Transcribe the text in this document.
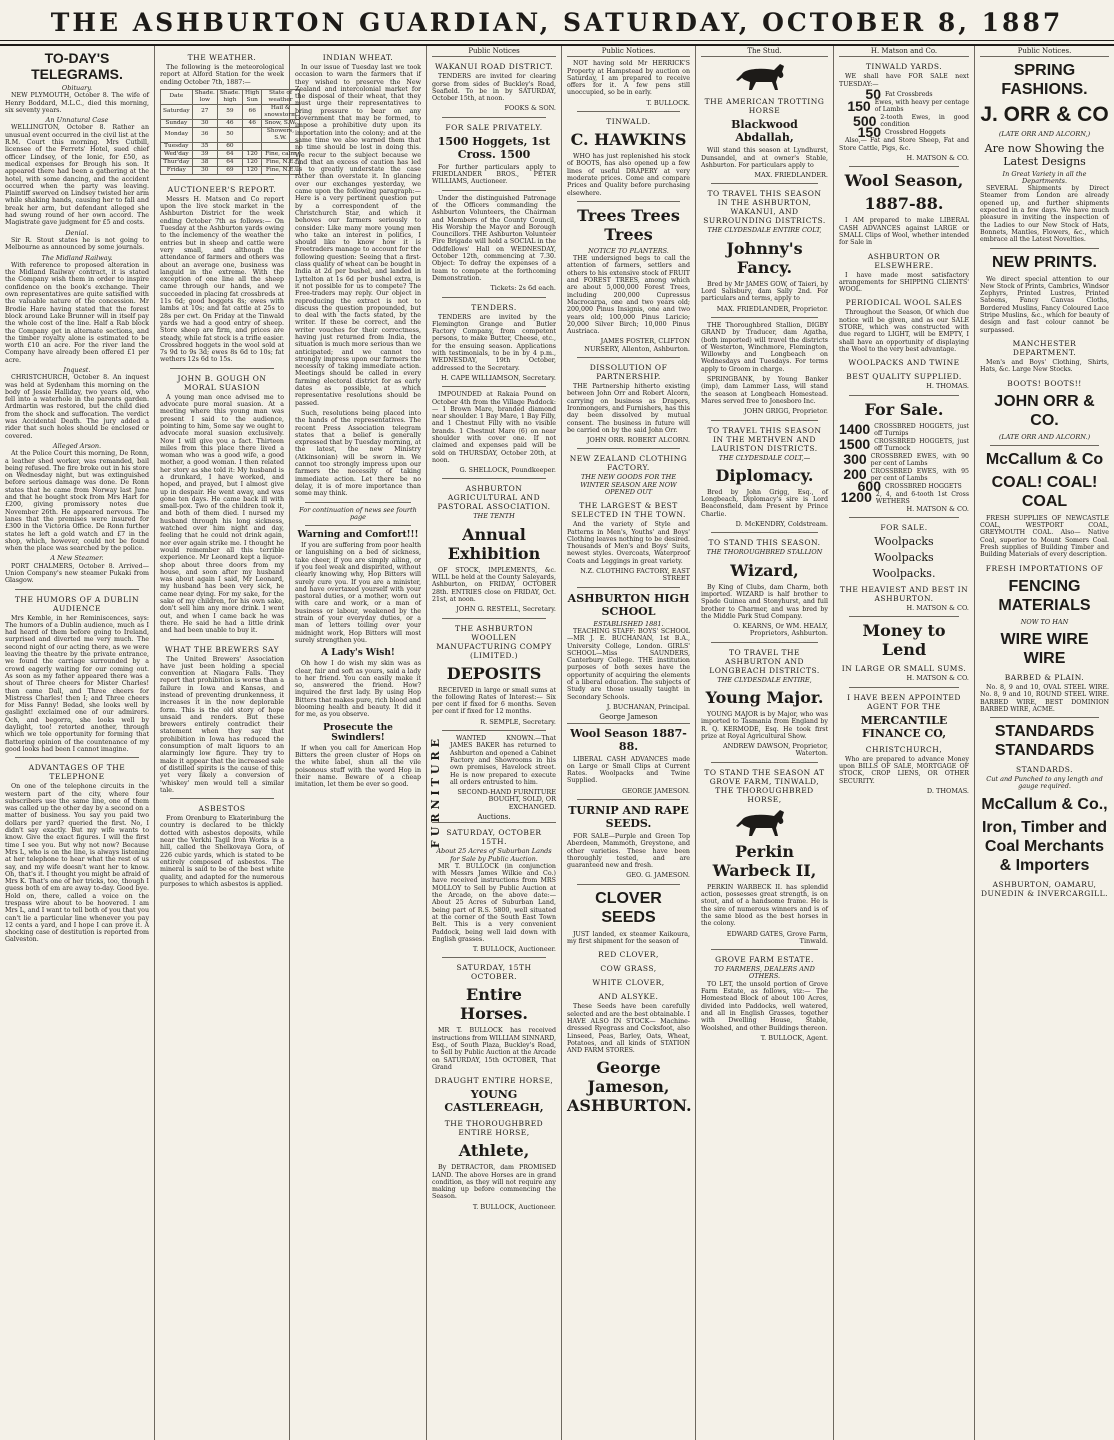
THE ASHBURTON GUARDIAN, SATURDAY, OCTOBER 8, 1887
TO-DAY'S TELEGRAMS.
Obituary.

NEW PLYMOUTH, October 8. The wife of Henry Boddard, M.L.C., died this morning, six seventy years.

An Unnatural Case

WELLINGTON, October 8. Rather an unusual event occurred in the civil list at the R.M. Court this morning. Mrs Cutbill, licensee of the Ferrets' Hotel, sued chief officer Lindsey, of the Ionic, for £50, as medical expenses for Brough his son. It appeared there had been a gathering at the hotel, with some dancing, and the accident occurred when the party was leaving. Plaintiff swerved on Lindsey twisted her arm while shaking hands, causing her to fall and break her arm, but defendant alleged she had swung round of her own accord. The Magistrate gave judgment for £5 and costs.

Denial.

Sir R. Stout states he is not going to Melbourne as announced by some journals.

The Midland Railway.

With reference to proposed alteration in the Midland Railway contract, it is stated the Company wish them in order to inspire confidence on the book's exchange. Their own representatives are quite satisfied with the valuable nature of the concession. Mr Brodie Hare having stated that the forest block around Lake Brunner will in itself pay the whole cost of the line. Half a Rab block the Company get in alternate sections, and the timber royalty alone is estimated to be worth £10 an acre. For the river land the Company have already been offered £1 per acre.

Inquest.

CHRISTCHURCH, October 8. An inquest was held at Sydenham this morning on the body of Jessie Halliday, two years old, who fell into a waterhole in the parents garden. Ardmartin was restored, but the child died from the shock and suffocation. The verdict was Accidental Death. The jury added a rider that such holes should be enclosed or covered.

Alleged Arson.

At the Police Court this morning, De Ronn, a leather shed worker, was remanded, bail being refused. The fire broke out in his store on Wednesday night, but was extinguished before serious damage was done. De Ronn states that he came from Norway last June and that he bought stock from Mrs Hart for £200, giving promissory notes due November 26th. He appeared nervous. The lanes that the premises were insured for £300 in the Victoria Office. De Ronn further states he left a gold watch and £7 in the shop, which, however, could not be found when the place was searched by the police.

A New Steamer.

PORT CHALMERS, October 8. Arrived—Union Company's new steamer Pukaki from Glasgow.

THE HUMORS OF A DUBLIN AUDIENCE

Mrs Kemble, in her Reminiscences, says: The humors of a Dublin audience, much as I had heard of them before going to Ireland, surprised and diverted me very much. The second night of our acting there, as we were leaving the theatre by the private entrance, we found the carriage surrounded by a crowd eagerly waiting for our coming out. As soon as my father appeared there was a shout of Three cheers for Mister Charles! then came Dall, and Three cheers for Mistress Charles! then I; and Three cheers for Miss Fanny! Bedad, she looks well by gaslight! exclaimed one of our admirers. Och, and begorra, she looks well by daylight, too! retorted another, through which we tole opportunity for forming that flattering opinion of the countenance of my good looks had been I cannot imagine.

ADVANTAGES OF THE TELEPHONE

On one of the telephone circuits in the western part of the city, where four subscribers use the same line, one of them was called up the other day by a second on a matter of business. You say you paid two dollars per yard? queried the first. No, I didn't say exactly. But my wife wants to know. Give the exact figures. I will the first time I see you. But why not now? Because Mrs L, who is on the line, is always listening at her telephone to hear what the rest of us say, and my wife doesn't want her to know. Oh, that's it. I thought you might be afraid of Mrs K. That's one of her tricks, too, though I guess both of em are away to-day. Good bye. Hold on, there, called a voice on the trespass wire about to be hoovered. I am Mrs L, and I want to tell both of you that you can't lie a particular line whenever you pay 12 cents a yard, and I hope I can prove it. A shocking case of destitution is reported from Galveston.

THE WEATHER.

The following is the meteorological report at Alford Station for the week ending October 7th, 1887:—

Date	Shade. low	Shade. high	High Sun	State of weather
Saturday	27	59	66	Hail & snowstorm
Sunday	30	46	46	Snow, S.W.
Monday	36	50		Showers, S.W.
Tuesday	35	60		
Wed'day	39	64	120	Fine, calm
Thur'day	38	64	120	Fine, N.E.
Friday	30	69	120	Fine, N.E.
AUCTIONEER'S REPORT.

Messrs H. Matson and Co report upon the live stock market in the Ashburton District for the week ending October 7th as follows:— On Tuesday at the Ashburton yards owing to the inclemency of the weather the entries but in sheep and cattle were very small, and although the attendance of farmers and others was about an average one, business was languid in the extreme. With the exception of one line all the sheep came through our hands, and we succeeded in placing fat crossbreds at 11s 6d; good hoggets 8s; ewes with lambs at 10s; and fat cattle at 25s to 28s per cwt. On Friday at the Tinwald yards we had a good entry of sheep. Store sheep are firm, and prices are steady, while fat stock is a trifle easier. Crossbred hoggets in the wool sold at 7s 9d to 9s 3d; ewes 8s 6d to 10s; fat wethers 12s 6d to 15s.

JOHN B. GOUGH ON MORAL SUASION

A young man once advised me to advocate pure moral suasion. At a meeting where this young man was present I said to the audience, pointing to him, Some say we ought to advocate moral suasion exclusively. Now I will give you a fact. Thirteen miles from this place there lived a woman who was a good wife, a good mother, a good woman. I then related her story as she told it: My husband is a drunkard, I have worked, and hoped, and prayed, but I almost give up in despair. He went away, and was gone ten days. He came back ill with small-pox. Two of the children took it, and both of them died. I nursed my husband through his long sickness, watched over him night and day, feeling that he could not drink again, nor ever again strike me. I thought he would remember all this terrible experience. Mr Leonard kept a liquor-shop about three doors from my house, and soon after my husband was about again I said, Mr Leonard, my husband has been very sick, he came near dying. For my sake, for the sake of my children, for his own sake, don't sell him any more drink. I went out, and when I came back he was there. He said he had a little drink and had been unable to buy it.

WHAT THE BREWERS SAY

The United Brewers' Association have just been holding a special convention at Niagara Falls. They report that prohibition is worse than a failure in Iowa and Kansas, and instead of preventing drunkenness, it increases it in the now deplorable form. This is the old story of hope unsaid and renders. But these brewers entirely contradict their statement when they say that prohibition in Iowa has reduced the consumption of malt liquors to an alarmingly low figure. They try to make it appear that the increased sale of distilled spirits is the cause of this; yet very likely a conversion of 'whiskey' men would tell a similar tale.

ASBESTOS

From Orenburg to Ekaterinburg the country is declared to be thickly dotted with asbestos deposits, while near the Verkhi Tagil Iron Works is a hill, called the Shelkovaya Gora, of 226 cubic yards, which is stated to be entirely composed of asbestos. The mineral is said to be of the best white quality, and adapted for the numerous purposes to which asbestos is applied.

INDIAN WHEAT.

In our issue of Tuesday last we took occasion to warn the farmers that if they wished to preserve the New Zealand and intercolonial market for the disposal of their wheat, that they must urge their representatives to bring pressure to bear on any Government that may be formed, to impose a prohibitive duty upon its importation into the colony; and at the same time we also warned them that no time should be lost in doing this. We recur to the subject because we find that an excess of caution has led us to greatly understate the case rather than overstate it. In glancing over our exchanges yesterday, we came upon the following paragraph:— Here is a very pertinent question put by a correspondent of the Christchurch Star, and which it behoves our farmers seriously to consider: Like many more young men who take an interest in politics, I should like to know how it is Freetraders manage to account for the following question: Seeing that a first-class quality of wheat can be bought in India at 2d per bushel, and landed in Lyttelton at 1s 6d per bushel extra, is it not possible for us to compete? The Free-traders may reply. Our object in reproducing the extract is not to discuss the question propounded, but to deal with the facts stated, by the writer. If these be correct, and the writer vouches for their correctness, having just returned from India, the situation is much more serious than we anticipated; and we cannot too strongly impress upon our farmers the necessity of taking immediate action. Meetings should be called in every farming electoral district for as early dates as possible, at which representative resolutions should be passed.

Such, resolutions being placed into the hands of the representatives. The recent Press Association telegram states that a belief is generally expressed that by Tuesday morning, at the latest, the new Ministry (Atkinsonian) will be sworn in. We cannot too strongly impress upon our farmers the necessity of taking immediate action. Let there be no delay, it is of more importance than some may think.

For continuation of news see fourth page
Warning and Comfort!!!

If you are suffering from poor health or languishing on a bed of sickness, take cheer, if you are simply ailing, or if you feel weak and dispirited, without clearly knowing why, Hop Bitters will surely cure you. If you are a minister, and have overtaxed yourself with your pastoral duties, or a mother, worn out with care and work, or a man of business or labour, weakened by the strain of your everyday duties, or a man of letters toiling over your midnight work, Hop Bitters will most surely strengthen you.

A Lady's Wish!

Oh how I do wish my skin was as clear, fair and soft as yours, said a lady to her friend. You can easily make it so, answered the friend. How? inquired the first lady. By using Hop Bitters that makes pure, rich blood and blooming health and beauty. It did it for me, as you observe.

Prosecute the Swindlers!

If when you call for American Hop Bitters the green cluster of Hops on the white label, shun all the vile poisonous stuff with the word Hop in their name. Beware of a cheap imitation, let them be ever so good.

Public Notices
WAKANUI ROAD DISTRICT.

TENDERS are invited for clearing gorse from sides of Buckley's Road, Seafield. To be in by SATURDAY, October 15th, at noon.

FOOKS & SON.
FOR SALE PRIVATELY.
1500 Hoggets, 1st Cross. 1500

For further particulars apply to FRIEDLANDER BROS., PETER WILLIAMS, Auctioneer.

Under the distinguished Patronage of the Officers commanding the Ashburton Volunteers, the Chairman and Members of the County Council, His Worship the Mayor and Borough Councillors. THE Ashburton Volunteer Fire Brigade will hold a SOCIAL in the Oddfellows' Hall on WEDNESDAY, October 12th, commencing at 7.30. Object: To defray the expenses of a team to compete at the forthcoming Demonstration.

Tickets: 2s 6d each.
TENDERS.

TENDERS are invited by the Flemington Grange and Butler Factory Company, from competent persons, to make Butter, Cheese, etc., for the ensuing season. Applications with testimonials, to be in by 4 p.m., WEDNESDAY, 19th October, addressed to the Secretary.

H. CAPE WILLIAMSON, Secretary.

IMPOUNDED at Rakaia Pound on October 4th from the Village Paddock:— 1 Brown Mare, branded diamond near shoulder. 1 Bay Mare, 1 Bay Filly, and 1 Chestnut Filly with no visible brands. 1 Chestnut Mare (6) on near shoulder with cover one. If not claimed and expenses paid will be sold on THURSDAY, October 20th, at noon.

G. SHELLOCK, Poundkeeper.
ASHBURTON AGRICULTURAL AND PASTORAL ASSOCIATION.
THE TENTH
Annual Exhibition

OF STOCK, IMPLEMENTS, &c. WILL be held at the County Saleyards, Ashburton, on FRIDAY, OCTOBER 28th. ENTRIES close on FRIDAY, Oct. 21st, at noon.

JOHN G. RESTELL, Secretary.
THE ASHBURTON WOOLLEN MANUFACTURING COMPY (LIMITED.)
DEPOSITS

RECEIVED in large or small sums at the following Rates of Interest:— Six per cent if fixed for 6 months. Seven per cent if fixed for 12 months.

R. SEMPLE, Secretary.
FURNITURE	WANTED KNOWN.—That JAMES BAKER has returned to Ashburton and opened a Cabinet Factory and Showrooms in his own premises, Havelock street. He is now prepared to execute all orders entrusted to him.

SECOND-HAND FURNITURE BOUGHT, SOLD, OR EXCHANGED.
Auctions.
SATURDAY, OCTOBER 15TH.
About 25 Acres of Suburban Lands for Sale by Public Auction.

MR T. BULLOCK (in conjunction with Messrs James Wilkie and Co.) have received instructions from MRS MOLLOY to Sell by Public Auction at the Arcade, on the above date:— About 25 Acres of Suburban Land, being part of R.S. 5800, well situated at the corner of the South East Town Belt. This is a very convenient Paddock, being well laid down with English grasses.

T. BULLOCK, Auctioneer.
SATURDAY, 15TH OCTOBER.
Entire Horses.

MR T. BULLOCK has received instructions from WILLIAM SINNARD, Esq., of South Plaza, Buckley's Road, to Sell by Public Auction at the Arcade on SATURDAY, 15th OCTOBER, That Grand

DRAUGHT ENTIRE HORSE,
YOUNG CASTLEREAGH,
THE THOROUGHBRED ENTIRE HORSE,
Athlete,

By DETRACTOR, dam PROMISED LAND. The above Horses are in grand condition, as they will not require any making up before commencing the Season.

T. BULLOCK, Auctioneer.
Public Notices.

NOT having sold Mr HERRICK'S Property at Hampstead by auction on Saturday, I am prepared to receive offers for it. A few pens still unoccupied, so be in early.

T. BULLOCK.
TINWALD.
C. HAWKINS

WHO has just replenished his stock of BOOTS, has also opened up a few lines of useful DRAPERY at very moderate prices. Come and compare Prices and Quality before purchasing elsewhere.

Trees Trees Trees
NOTICE TO PLANTERS.

THE undersigned begs to call the attention of farmers, settlers and others to his extensive stock of FRUIT and FOREST TREES, among which are about 5,000,000 Forest Trees, including 200,000 Cupressus Macrocarpa, one and two years old; 200,000 Pinus Insignis, one and two years old; 100,000 Pinus Laricio; 20,000 Silver Birch; 10,000 Pinus Austriaca.

JAMES FOSTER, CLIFTON NURSERY, Allenton, Ashburton.
DISSOLUTION OF PARTNERSHIP.

THE Partnership hitherto existing between John Orr and Robert Alcorn, carrying on business as Drapers, Ironmongers, and Furnishers, has this day been dissolved by mutual consent. The business in future will be carried on by the said John Orr.

JOHN ORR. ROBERT ALCORN.
NEW ZEALAND CLOTHING FACTORY.
THE NEW GOODS FOR THE WINTER SEASON ARE NOW OPENED OUT
THE LARGEST & BEST SELECTED IN THE TOWN.

And the variety of Style and Patterns in Men's, Youths' and Boys' Clothing leaves nothing to be desired. Thousands of Men's and Boys' Suits, newest styles. Overcoats, Waterproof Coats and Leggings in great variety.

N.Z. CLOTHING FACTORY, EAST STREET
ASHBURTON HIGH SCHOOL
ESTABLISHED 1881.

TEACHING STAFF: BOYS' SCHOOL—MR J. E. BUCHANAN, 1st B.A., University College, London. GIRLS' SCHOOL—Miss SAUNDERS, Canterbury College. THE institution purposes of both sexes have the opportunity of acquiring the elements of a liberal education. The subjects of Study are those usually taught in Secondary Schools.

J. BUCHANAN, Principal.
George Jameson
Wool Season 1887-88.

LIBERAL CASH ADVANCES made on Large or Small Clips at Current Rates. Woolpacks and Twine Supplied.

GEORGE JAMESON.
TURNIP AND RAPE SEEDS.

FOR SALE—Purple and Green Top Aberdeen, Mammoth, Greystone, and other varieties. These have been thoroughly tested, and are guaranteed new and fresh.

GEO. G. JAMESON.
CLOVER SEEDS

JUST landed, ex steamer Kaikoura, my first shipment for the season of

RED CLOVER,
COW GRASS,
WHITE CLOVER,
AND ALSYKE.

These Seeds have been carefully selected and are the best obtainable. I HAVE ALSO IN STOCK— Machine-dressed Ryegrass and Cocksfoot, also Linseed, Peas, Barley, Oats, Wheat, Potatoes, and all kinds of STATION AND FARM STORES.

George Jameson, ASHBURTON.
The Stud.
THE AMERICAN TROTTING HORSE
Blackwood Abdallah,

Will stand this season at Lyndhurst, Dunsandel, and at owner's Stable, Ashburton. For particulars apply to

MAX. FRIEDLANDER.
TO TRAVEL THIS SEASON IN THE ASHBURTON, WAKANUI, AND SURROUNDING DISTRICTS.
THE CLYDESDALE ENTIRE COLT,
Johnny's Fancy.

Bred by Mr JAMES GOW, of Taieri, by Lord Salisbury, dam Sally 2nd. For particulars and terms, apply to

MAX. FRIEDLANDER, Proprietor.

THE Thoroughbred Stallion, DIGBY GRAND by Traducer, dam Agatha, (both imported) will travel the districts of Westerton, Winchmore, Flemington, Willowby and Longbeach on Wednesdays and Tuesdays. For terms apply to Groom in charge.

SPRINGBANK, by Young Banker (imp), dam Lammer Lass, will stand the season at Longbeach Homestead. Mares served free to Jonesboro Inc.

JOHN GRIGG, Proprietor.
TO TRAVEL THIS SEASON IN THE METHVEN AND LAURISTON DISTRICTS.
THE CLYDESDALE COLT,—
Diplomacy.

Bred by John Grigg, Esq., of Longbeach, Diplomacy's sire is Lord Beaconsfield, dam Present by Prince Charlie.

D. McKENDRY, Coldstream.
TO STAND THIS SEASON.
THE THOROUGHBRED STALLION
Wizard,

By King of Clubs, dam Charm, both imported. WIZARD is half brother to Spade Guinea and Stonyhurst, and full brother to Charmer, and was bred by the Middle Park Stud Company.

O. KEARNS, Or WM. HEALY, Proprietors, Ashburton.
TO TRAVEL THE ASHBURTON AND LONGBEACH DISTRICTS.
THE CLYDESDALE ENTIRE,
Young Major.

YOUNG MAJOR is by Major, who was imported to Tasmania from England by R. Q. KERMODE, Esq. He took first prize at Royal Agricultural Show.

ANDREW DAWSON, Proprietor, Waterton.
TO STAND THE SEASON AT GROVE FARM, TINWALD, THE THOROUGHBRED HORSE,
Perkin Warbeck II,

PERKIN WARBECK II. has splendid action, possesses great strength, is on stout, and of a handsome frame. He is the sire of numerous winners and is of the same blood as the best horses in the colony.

EDWARD GATES, Grove Farm, Tinwald.
GROVE FARM ESTATE.
TO FARMERS, DEALERS AND OTHERS.

TO LET, the unsold portion of Grove Farm Estate, as follows, viz:— The Homestead Block of about 100 Acres, divided into Paddocks, well watered, and all in English Grasses, together with Dwelling House, Stable, Woolshed, and other Buildings thereon.

T. BULLOCK, Agent.
H. Matson and Co.
TINWALD YARDS.

WE shall have FOR SALE next TUESDAY:—

50 Fat Crossbreds
150 Ewes, with heavy per centage of Lambs
500 2-tooth Ewes, in good condition
150 Crossbred Hoggets

Also,— Fat and Store Sheep, Fat and Store Cattle, Pigs, &c.

H. MATSON & CO.
Wool Season,
1887-88.

I AM prepared to make LIBERAL CASH ADVANCES against LARGE or SMALL Clips of Wool, whether intended for Sale in

ASHBURTON OR ELSEWHERE.

I have made most satisfactory arrangements for SHIPPING CLIENTS' WOOL.

PERIODICAL WOOL SALES

Throughout the Season, Of which due notice will be given, and as our SALE STORE, which was constructed with due regard to LIGHT, will be EMPTY, I shall have an opportunity of displaying the Wool to the very best advantage.

WOOLPACKS AND TWINE
BEST QUALITY SUPPLIED.
H. THOMAS.
For Sale.
1400 CROSSBRED HOGGETS, just off Turnips
1500 CROSSBRED HOGGETS, just off Turnock
300 CROSSBRED EWES, with 90 per cent of Lambs
200 CROSSBRED EWES, with 95 per cent of Lambs
600 CROSSBRED HOGGETS
1200 2, 4, and 6-tooth 1st Cross WETHERS
H. MATSON & CO.
FOR SALE.
Woolpacks
Woolpacks
Woolpacks.
THE HEAVIEST AND BEST IN ASHBURTON.
H. MATSON & CO.
Money to Lend
IN LARGE OR SMALL SUMS.
H. MATSON & CO.
I HAVE BEEN APPOINTED AGENT FOR THE
MERCANTILE FINANCE CO,
CHRISTCHURCH,

Who are prepared to advance Money upon BILLS OF SALE, MORTGAGE OF STOCK, CROP LIENS, OR OTHER SECURITY.

D. THOMAS.
Public Notices.
SPRING FASHIONS.
J. ORR & CO
(LATE ORR AND ALCORN,)
Are now Showing the Latest Designs
In Great Variety in all the Departments.

SEVERAL Shipments by Direct Steamer from London are already opened up, and further shipments expected in a few days. We have much pleasure in inviting the inspection of the Ladies to our New Stock of Hats, Bonnets, Mantles, Flowers, &c., which embrace all the Latest Novelties.

NEW PRINTS.

We direct special attention to our New Stock of Prints, Cambrics, Windsor Zephyrs, Printed Lustres, Printed Sateens, Fancy Canvas Cloths, Bordered Muslins, Fancy Coloured Lace Stripe Muslins, &c., which for beauty of design and fast colour cannot be surpassed.

MANCHESTER DEPARTMENT.

Men's and Boys' Clothing, Shirts, Hats, &c. Large New Stocks.

BOOTS! BOOTS!!
JOHN ORR & CO.
(LATE ORR AND ALCORN.)
McCallum & Co
COAL! COAL! COAL

FRESH SUPPLIES OF NEWCASTLE COAL, WESTPORT COAL, GREYMOUTH COAL. Also— Native Coal, superior to Mount Somers Coal. Fresh supplies of Building Timber and Building Materials of every description.

FRESH IMPORTATIONS OF
FENCING MATERIALS
NOW TO HAN
WIRE WIRE WIRE
BARBED & PLAIN.

No. 8, 9 and 10, OVAL STEEL WIRE. No. 8, 9 and 10, ROUND STEEL WIRE. BARBED WIRE, BEST DOMINION BARBED WIRE, ACME.

STANDARDS STANDARDS
STANDARDS.
Cut and Punched to any length and gauge required.
McCallum & Co.,
Iron, Timber and Coal Merchants & Importers
ASHBURTON, OAMARU, DUNEDIN & INVERCARGILL.
